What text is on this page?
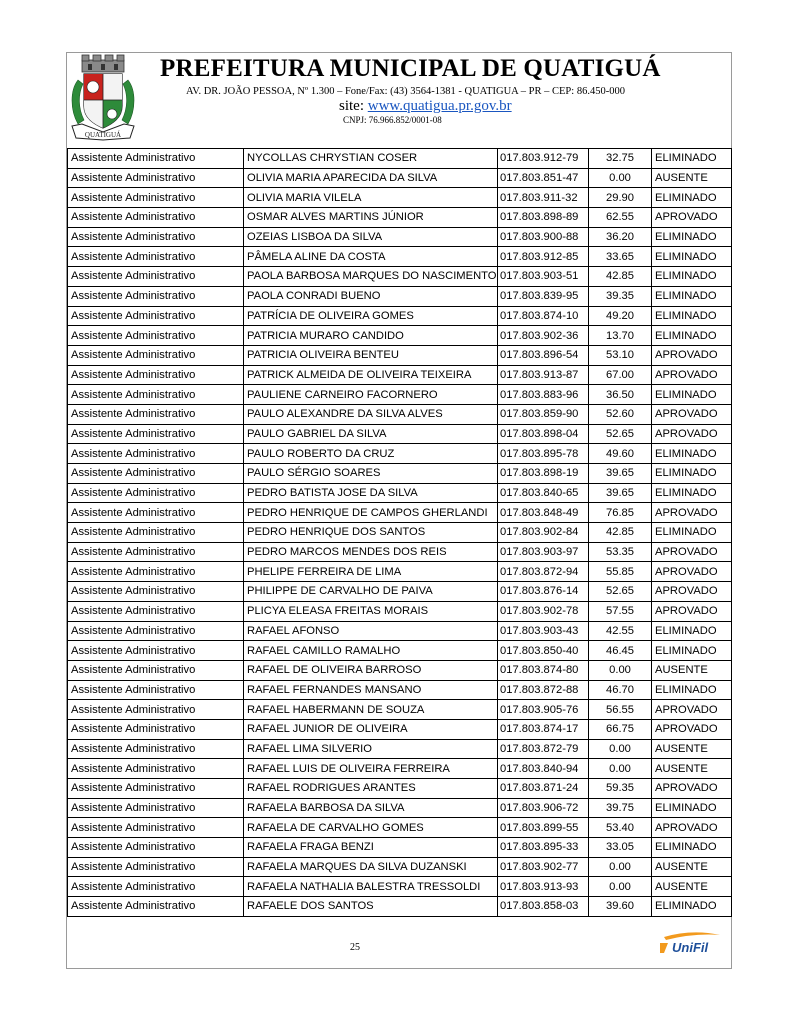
QUATIGUÁ
PREFEITURA MUNICIPAL DE QUATIGUÁ
AV. DR. JOÃO PESSOA, Nº 1.300 – Fone/Fax: (43) 3564-1381 - QUATIGUA – PR – CEP: 86.450-000
site: www.quatigua.pr.gov.br
CNPJ: 76.966.852/0001-08
Assistente Administrativo	NYCOLLAS CHRYSTIAN COSER	017.803.912-79	32.75	ELIMINADO
Assistente Administrativo	OLIVIA MARIA APARECIDA DA SILVA	017.803.851-47	0.00	AUSENTE
Assistente Administrativo	OLIVIA MARIA VILELA	017.803.911-32	29.90	ELIMINADO
Assistente Administrativo	OSMAR ALVES MARTINS JÚNIOR	017.803.898-89	62.55	APROVADO
Assistente Administrativo	OZEIAS LISBOA DA SILVA	017.803.900-88	36.20	ELIMINADO
Assistente Administrativo	PÂMELA ALINE DA COSTA	017.803.912-85	33.65	ELIMINADO
Assistente Administrativo	PAOLA BARBOSA MARQUES DO NASCIMENTO	017.803.903-51	42.85	ELIMINADO
Assistente Administrativo	PAOLA CONRADI BUENO	017.803.839-95	39.35	ELIMINADO
Assistente Administrativo	PATRÍCIA DE OLIVEIRA GOMES	017.803.874-10	49.20	ELIMINADO
Assistente Administrativo	PATRICIA MURARO CANDIDO	017.803.902-36	13.70	ELIMINADO
Assistente Administrativo	PATRICIA OLIVEIRA BENTEU	017.803.896-54	53.10	APROVADO
Assistente Administrativo	PATRICK ALMEIDA DE OLIVEIRA TEIXEIRA	017.803.913-87	67.00	APROVADO
Assistente Administrativo	PAULIENE CARNEIRO FACORNERO	017.803.883-96	36.50	ELIMINADO
Assistente Administrativo	PAULO ALEXANDRE DA SILVA ALVES	017.803.859-90	52.60	APROVADO
Assistente Administrativo	PAULO GABRIEL DA SILVA	017.803.898-04	52.65	APROVADO
Assistente Administrativo	PAULO ROBERTO DA CRUZ	017.803.895-78	49.60	ELIMINADO
Assistente Administrativo	PAULO SÉRGIO SOARES	017.803.898-19	39.65	ELIMINADO
Assistente Administrativo	PEDRO BATISTA JOSE DA SILVA	017.803.840-65	39.65	ELIMINADO
Assistente Administrativo	PEDRO HENRIQUE DE CAMPOS GHERLANDI	017.803.848-49	76.85	APROVADO
Assistente Administrativo	PEDRO HENRIQUE DOS SANTOS	017.803.902-84	42.85	ELIMINADO
Assistente Administrativo	PEDRO MARCOS MENDES DOS REIS	017.803.903-97	53.35	APROVADO
Assistente Administrativo	PHELIPE FERREIRA DE LIMA	017.803.872-94	55.85	APROVADO
Assistente Administrativo	PHILIPPE DE CARVALHO DE PAIVA	017.803.876-14	52.65	APROVADO
Assistente Administrativo	PLICYA ELEASA FREITAS MORAIS	017.803.902-78	57.55	APROVADO
Assistente Administrativo	RAFAEL AFONSO	017.803.903-43	42.55	ELIMINADO
Assistente Administrativo	RAFAEL CAMILLO RAMALHO	017.803.850-40	46.45	ELIMINADO
Assistente Administrativo	RAFAEL DE OLIVEIRA BARROSO	017.803.874-80	0.00	AUSENTE
Assistente Administrativo	RAFAEL FERNANDES MANSANO	017.803.872-88	46.70	ELIMINADO
Assistente Administrativo	RAFAEL HABERMANN DE SOUZA	017.803.905-76	56.55	APROVADO
Assistente Administrativo	RAFAEL JUNIOR DE OLIVEIRA	017.803.874-17	66.75	APROVADO
Assistente Administrativo	RAFAEL LIMA SILVERIO	017.803.872-79	0.00	AUSENTE
Assistente Administrativo	RAFAEL LUIS DE OLIVEIRA FERREIRA	017.803.840-94	0.00	AUSENTE
Assistente Administrativo	RAFAEL RODRIGUES ARANTES	017.803.871-24	59.35	APROVADO
Assistente Administrativo	RAFAELA BARBOSA DA SILVA	017.803.906-72	39.75	ELIMINADO
Assistente Administrativo	RAFAELA DE CARVALHO GOMES	017.803.899-55	53.40	APROVADO
Assistente Administrativo	RAFAELA FRAGA BENZI	017.803.895-33	33.05	ELIMINADO
Assistente Administrativo	RAFAELA MARQUES DA SILVA DUZANSKI	017.803.902-77	0.00	AUSENTE
Assistente Administrativo	RAFAELA NATHALIA BALESTRA TRESSOLDI	017.803.913-93	0.00	AUSENTE
Assistente Administrativo	RAFAELE DOS SANTOS	017.803.858-03	39.60	ELIMINADO
25	UniFil
